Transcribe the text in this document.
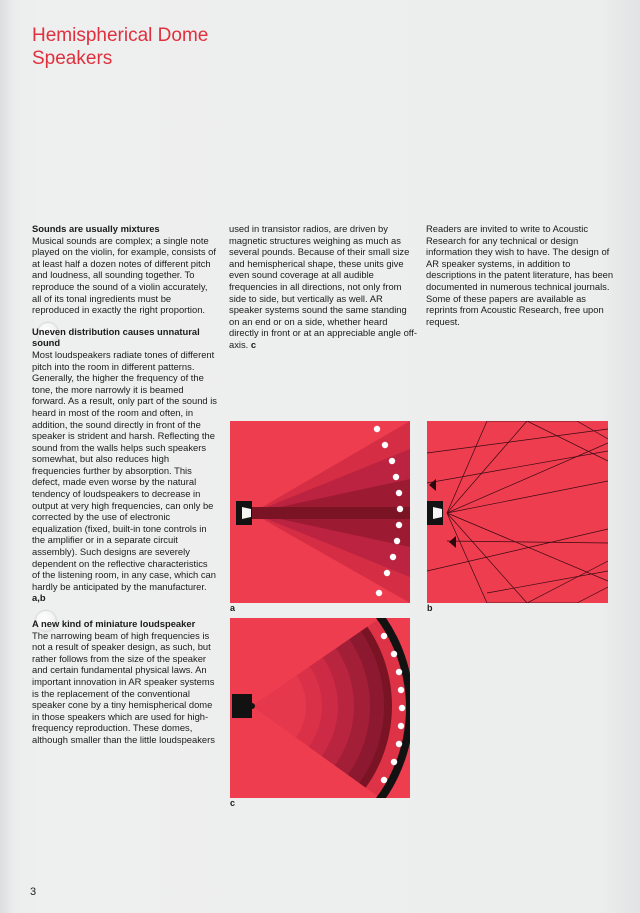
Hemispherical Dome Speakers
Sounds are usually mixtures

Musical sounds are complex; a single note played on the violin, for example, consists of at least half a dozen notes of different pitch and loudness, all sounding together. To reproduce the sound of a violin accurately, all of its tonal ingredients must be reproduced in exactly the right proportion.

Uneven distribution causes unnatural sound

Most loudspeakers radiate tones of different pitch into the room in different patterns. Generally, the higher the frequency of the tone, the more narrowly it is beamed forward. As a result, only part of the sound is heard in most of the room and often, in addition, the sound directly in front of the speaker is strident and harsh. Reflecting the sound from the walls helps such speakers somewhat, but also reduces high frequencies further by absorption. This defect, made even worse by the natural tendency of loudspeakers to decrease in output at very high frequencies, can only be corrected by the use of electronic equalization (fixed, built-in tone controls in the amplifier or in a separate circuit assembly). Such designs are severely dependent on the reflective characteristics of the listening room, in any case, which can hardly be anticipated by the manufacturer. a,b

A new kind of miniature loudspeaker

The narrowing beam of high frequencies is not a result of speaker design, as such, but rather follows from the size of the speaker and certain fundamental physical laws. An important innovation in AR speaker systems is the replacement of the conventional speaker cone by a tiny hemispherical dome in those speakers which are used for high-frequency reproduction. These domes, although smaller than the little loudspeakers

used in transistor radios, are driven by magnetic structures weighing as much as several pounds. Because of their small size and hemispherical shape, these units give even sound coverage at all audible frequencies in all directions, not only from side to side, but vertically as well. AR speaker systems sound the same standing on an end or on a side, whether heard directly in front or at an appreciable angle off-axis. c

Readers are invited to write to Acoustic Research for any technical or design information they wish to have. The design of AR speaker systems, in addition to descriptions in the patent literature, has been documented in numerous technical journals. Some of these papers are available as reprints from Acoustic Research, free upon request.

a	b
c
3
